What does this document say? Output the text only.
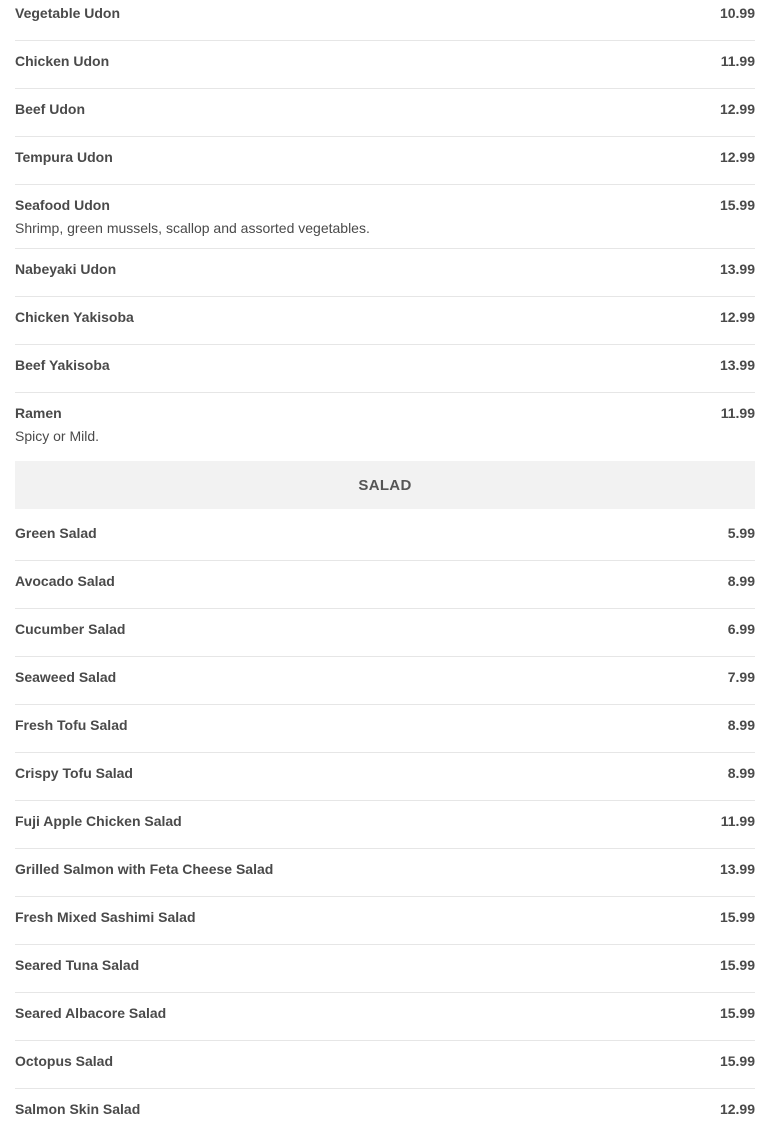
Vegetable Udon	10.99
Chicken Udon	11.99
Beef Udon	12.99
Tempura Udon	12.99
Seafood Udon	15.99
Shrimp, green mussels, scallop and assorted vegetables.
Nabeyaki Udon	13.99
Chicken Yakisoba	12.99
Beef Yakisoba	13.99
Ramen	11.99
Spicy or Mild.
SALAD
Green Salad	5.99
Avocado Salad	8.99
Cucumber Salad	6.99
Seaweed Salad	7.99
Fresh Tofu Salad	8.99
Crispy Tofu Salad	8.99
Fuji Apple Chicken Salad	11.99
Grilled Salmon with Feta Cheese Salad	13.99
Fresh Mixed Sashimi Salad	15.99
Seared Tuna Salad	15.99
Seared Albacore Salad	15.99
Octopus Salad	15.99
Salmon Skin Salad	12.99
